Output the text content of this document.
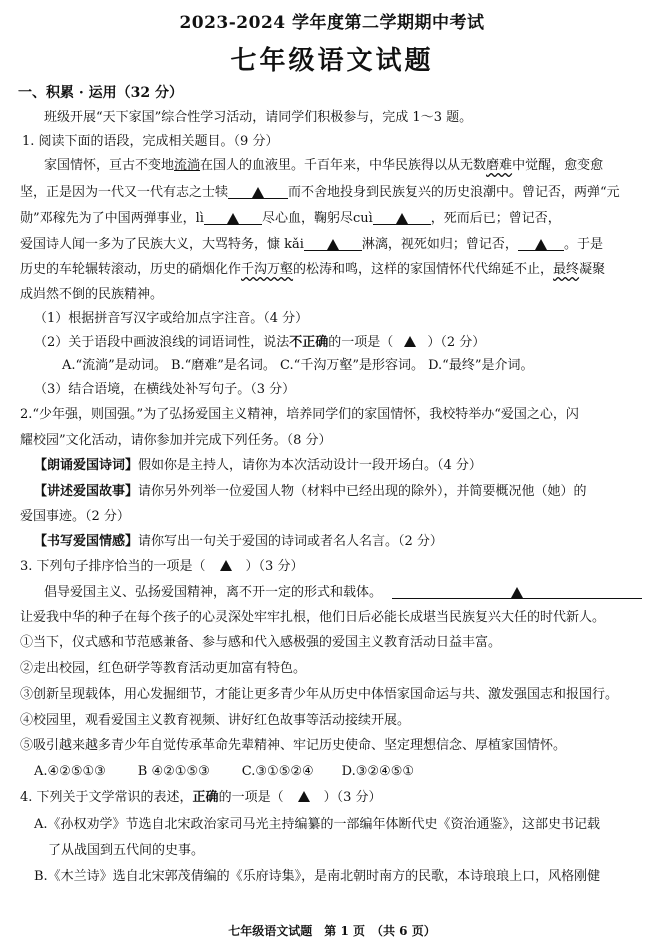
2023-2024 学年度第二学期期中考试
七年级语文试题
一、积累 · 运用（32 分）
班级开展“天下家国”综合性学习活动，请同学们积极参与，完成 1～3 题。
1. 阅读下面的语段，完成相关题目。（9 分）
家国情怀，亘古不变地流淌在国人的血液里。千百年来，中华民族得以从无数磨难中觉醒，愈变愈
坚，正是因为一代又一代有志之士犊	而不舍地投身到民族复兴的历史浪潮中。曾记否，两弹“元
勋”邓稼先为了中国两弹事业，lì	尽心血，鞠躬尽cuì	，死而后已；曾记否，
爱国诗人闻一多为了民族大义，大骂特务，慷 kǎi	淋漓，视死如归；曾记否，	。于是
历史的车轮辗转滚动，历史的硝烟化作千沟万壑的松涛和鸣，这样的家国情怀代代绵延不止，最终凝聚
成岿然不倒的民族精神。
（1）根据拼音写汉字或给加点字注音。（4 分）
（2）关于语段中画波浪线的词语词性，说法不正确的一项是（	）（2 分）
A.“流淌”是动词。 B.“磨难”是名词。 C.“千沟万壑”是形容词。 D.“最终”是介词。
（3）结合语境，在横线处补写句子。（3 分）
2.“少年强，则国强。”为了弘扬爱国主义精神，培养同学们的家国情怀，我校特举办“爱国之心，闪
耀校园”文化活动，请你参加并完成下列任务。（8 分）
【朗诵爱国诗词】假如你是主持人，请你为本次活动设计一段开场白。（4 分）
【讲述爱国故事】请你另外列举一位爱国人物（材料中已经出现的除外），并简要概况他（她）的
爱国事迹。（2 分）
【书写爱国情感】请你写出一句关于爱国的诗词或者名人名言。（2 分）
3. 下列句子排序恰当的一项是（	）（3 分）
倡导爱国主义、弘扬爱国精神，离不开一定的形式和载体。
让爱我中华的种子在每个孩子的心灵深处牢牢扎根，他们日后必能长成堪当民族复兴大任的时代新人。
①当下，仪式感和节范感兼备、参与感和代入感极强的爱国主义教育活动日益丰富。
②走出校园，红色研学等教育活动更加富有特色。
③创新呈现载体，用心发掘细节，才能让更多青少年从历史中体悟家国命运与共、激发强国志和报国行。
④校园里，观看爱国主义教育视频、讲好红色故事等活动接续开展。
⑤吸引越来越多青少年自觉传承革命先辈精神、牢记历史使命、坚定理想信念、厚植家国情怀。
A.④②⑤①③ B ④②①⑤③ C.③①⑤②④ D.③②④⑤①
4. 下列关于文学常识的表述，正确的一项是（	）（3 分）
A.《孙权劝学》节选自北宋政治家司马光主持编纂的一部编年体断代史《资治通鉴》，这部史书记载
了从战国到五代间的史事。
B.《木兰诗》选自北宋郭茂倩编的《乐府诗集》，是南北朝时南方的民歌，本诗琅琅上口，风格刚健
七年级语文试题　第 1 页　（共 6 页）
